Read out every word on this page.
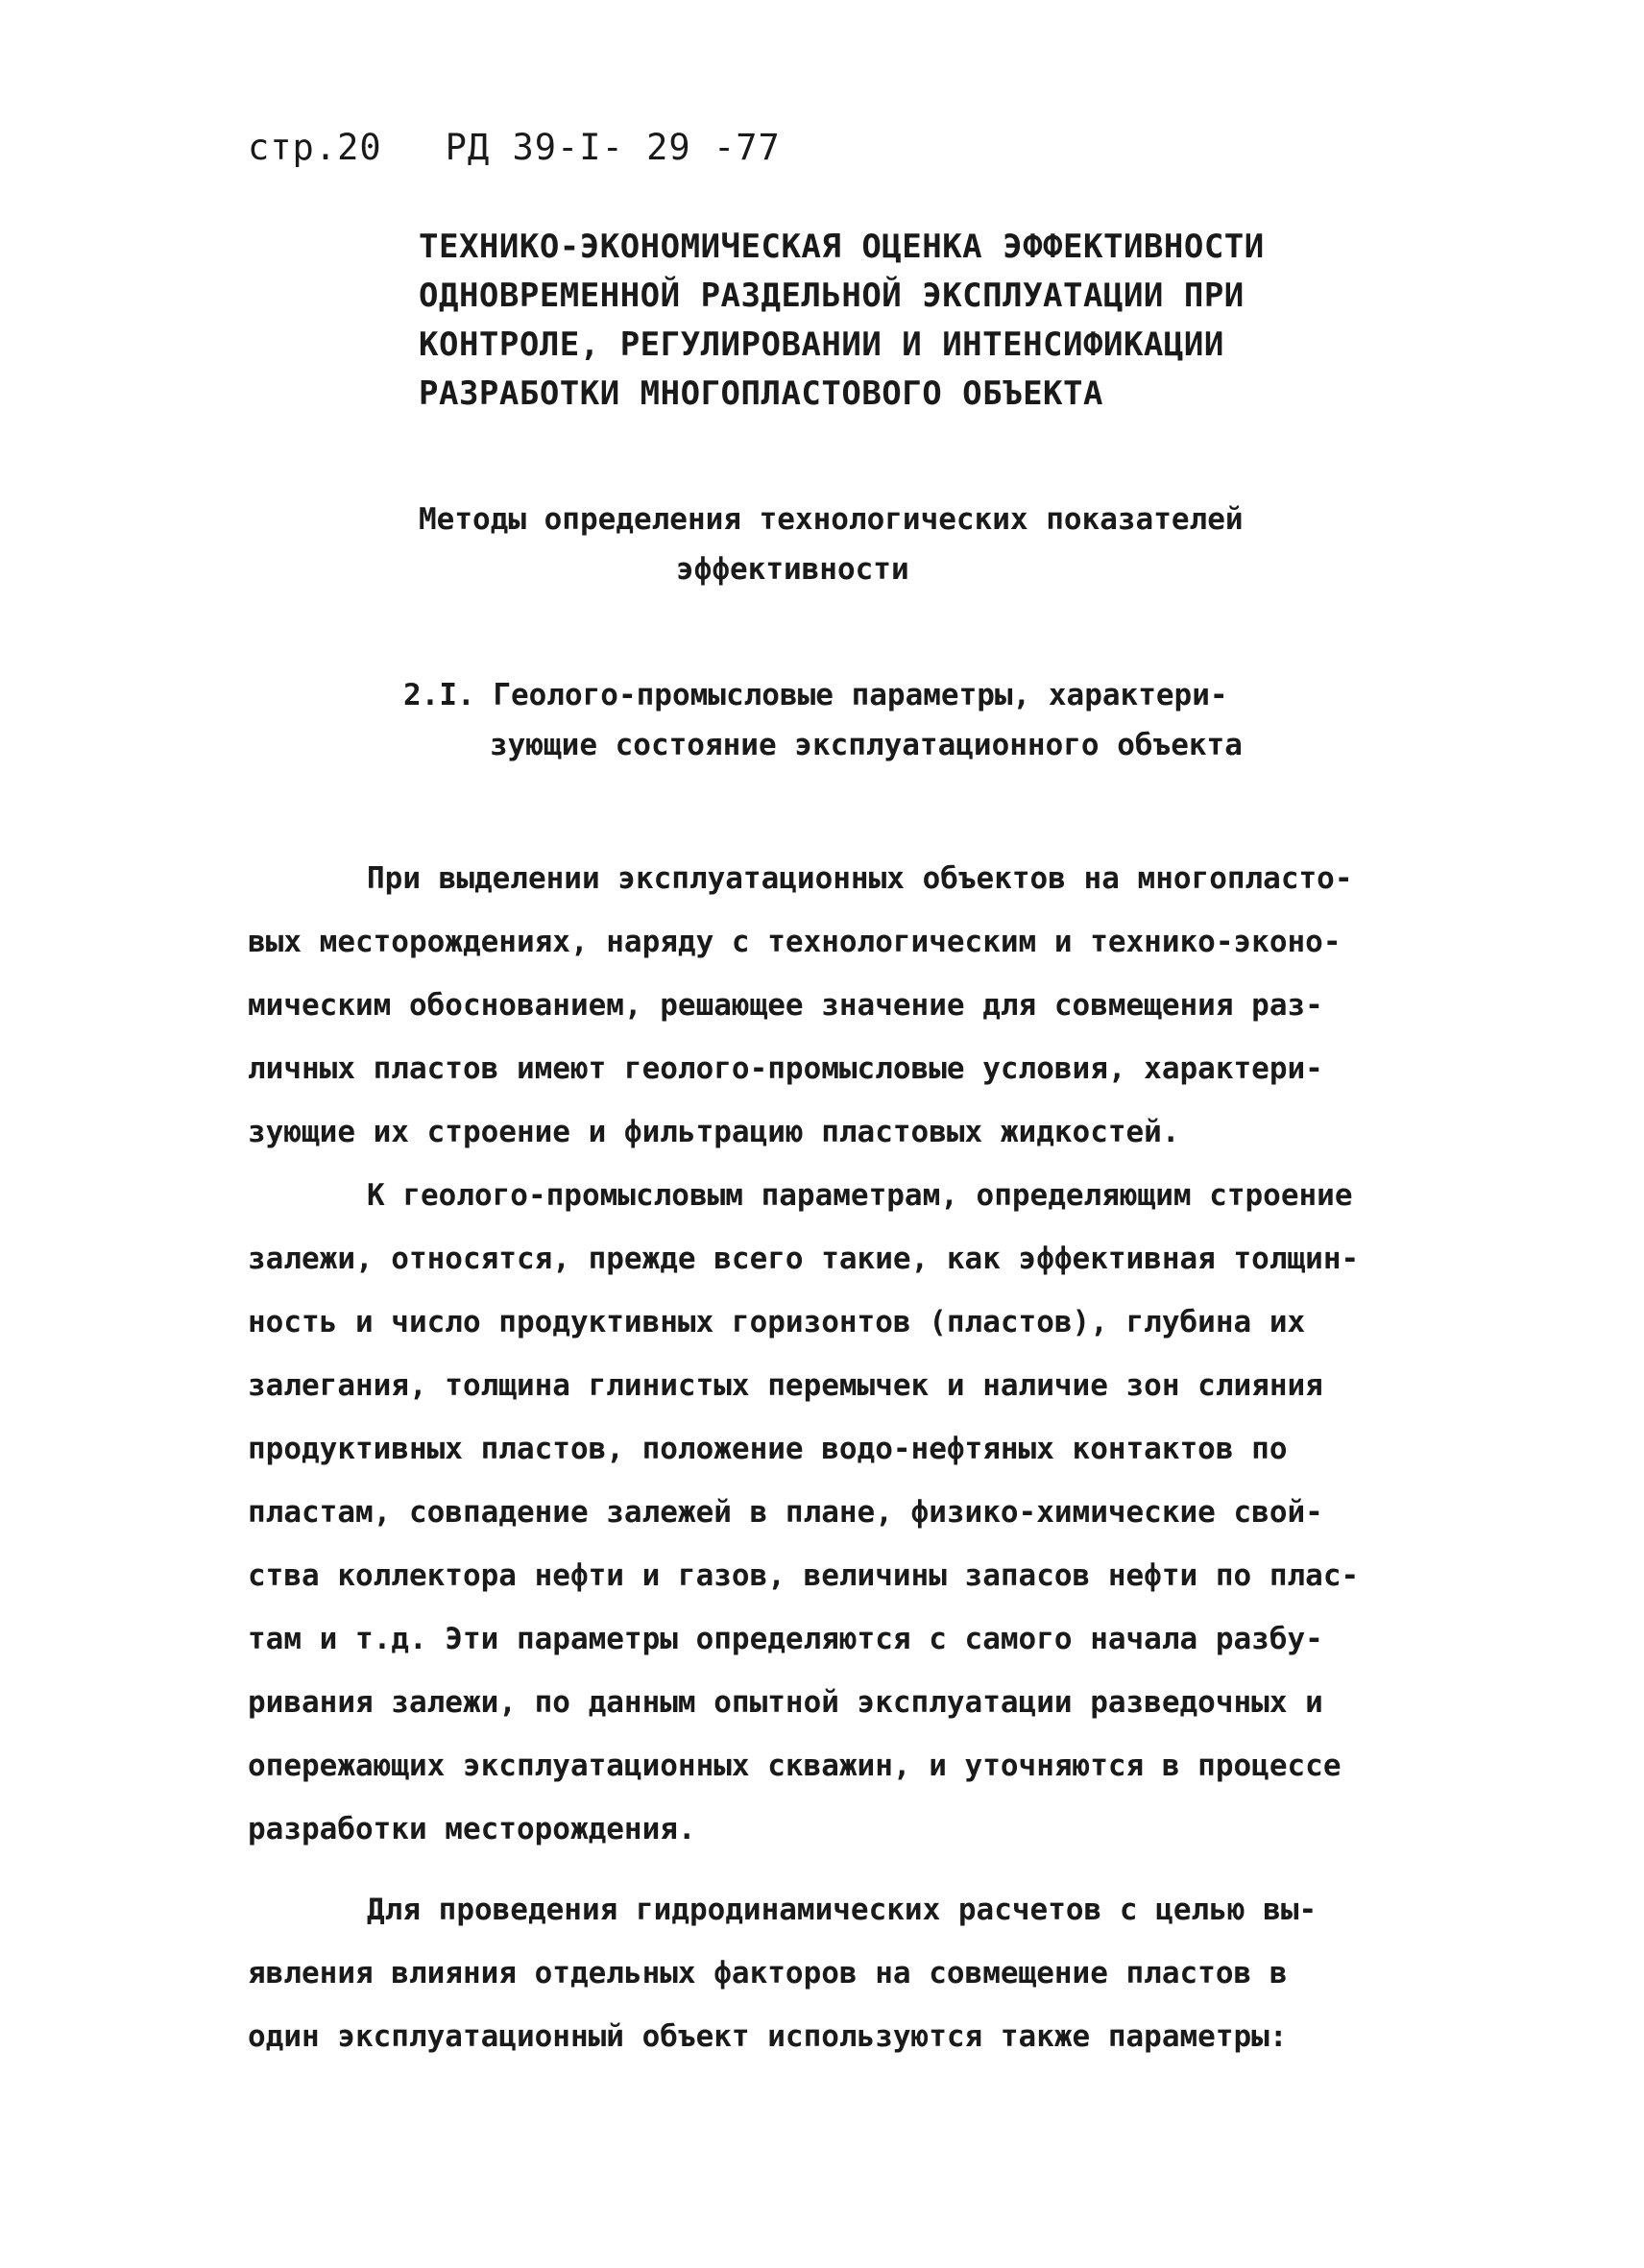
стр.20 РД 39-I- 29 -77
ТЕХНИКО-ЭКОНОМИЧЕСКАЯ ОЦЕНКА ЭФФЕКТИВНОСТИ
ОДНОВРЕМЕННОЙ РАЗДЕЛЬНОЙ ЭКСПЛУАТАЦИИ ПРИ
КОНТРОЛЕ, РЕГУЛИРОВАНИИ И ИНТЕНСИФИКАЦИИ
РАЗРАБОТКИ МНОГОПЛАСТОВОГО ОБЪЕКТА
Методы определения технологических показателей
эффективности
2.I. Геолого-промысловые параметры, характери-
зующие состояние эксплуатационного объекта
При выделении эксплуатационных объектов на многопласто-
вых месторождениях, наряду с технологическим и технико-эконо-
мическим обоснованием, решающее значение для совмещения раз-
личных пластов имеют геолого-промысловые условия, характери-
зующие их строение и фильтрацию пластовых жидкостей.
К геолого-промысловым параметрам, определяющим строение
залежи, относятся, прежде всего такие, как эффективная толщин-
ность и число продуктивных горизонтов (пластов), глубина их
залегания, толщина глинистых перемычек и наличие зон слияния
продуктивных пластов, положение водо-нефтяных контактов по
пластам, совпадение залежей в плане, физико-химические свой-
ства коллектора нефти и газов, величины запасов нефти по плас-
там и т.д. Эти параметры определяются с самого начала разбу-
ривания залежи, по данным опытной эксплуатации разведочных и
опережающих эксплуатационных скважин, и уточняются в процессе
разработки месторождения.
Для проведения гидродинамических расчетов с целью вы-
явления влияния отдельных факторов на совмещение пластов в
один эксплуатационный объект используются также параметры:
